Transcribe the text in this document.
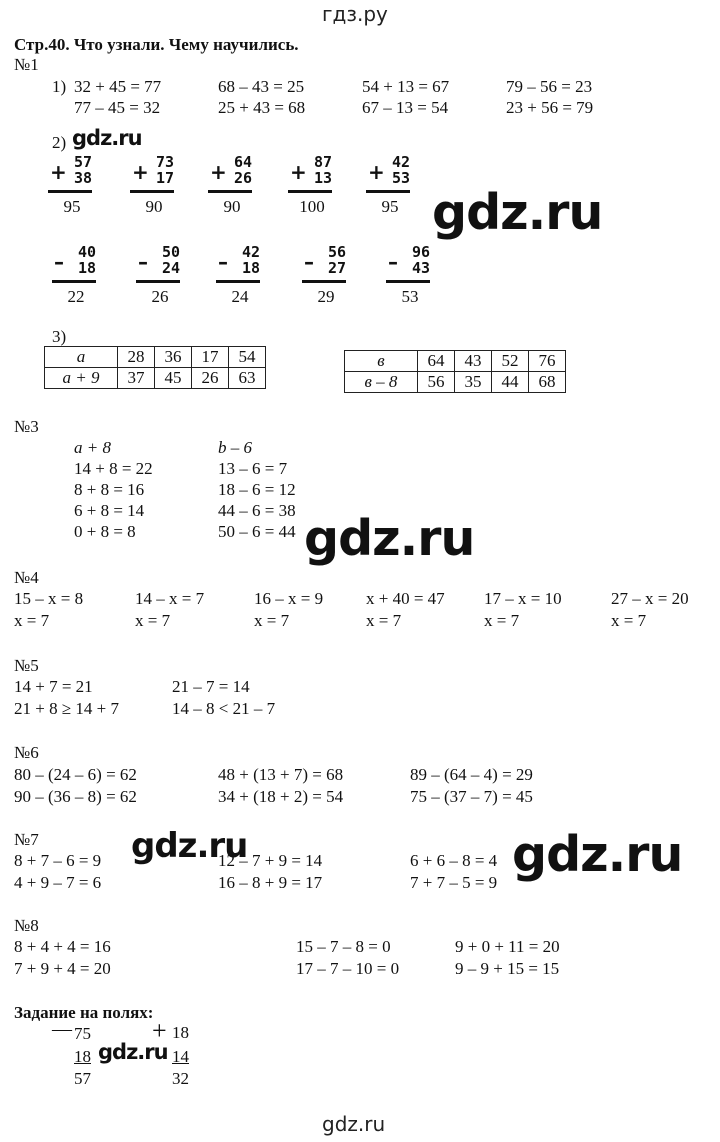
гдз.ру
Стр.40. Что узнали. Чему научились.
№1
1) 32 + 45 = 77	68 – 43 = 25	54 + 13 = 67	79 – 56 = 23
77 – 45 = 32	25 + 43 = 68	67 – 13 = 54	23 + 56 = 79
2) gdz.ru
+ 57
38
95
+ 73
17
90
+ 64
26
90
+ 87
13
100
+ 42
53
95
– 40
18
22
– 50
24
26
– 42
18
24
– 56
27
29
– 96
43
53
gdz.ru
3)
a	28	36	17	54
a + 9	37	45	26	63
в	64	43	52	76
в – 8	56	35	44	68
№3
a + 8	b – 6
14 + 8 = 22	13 – 6 = 7
8 + 8 = 16	18 – 6 = 12
6 + 8 = 14	44 – 6 = 38
0 + 8 = 8	50 – 6 = 44 gdz.ru
№4
15 – x = 8
x = 7
14 – x = 7
x = 7
16 – x = 9
x = 7
x + 40 = 47
x = 7
17 – x = 10
x = 7
27 – x = 20
x = 7
№5
14 + 7 = 21	21 – 7 = 14
21 + 8 ≥ 14 + 7	14 – 8 < 21 – 7
№6
80 – (24 – 6) = 62	48 + (13 + 7) = 68	89 – (64 – 4) = 29
90 – (36 – 8) = 62	34 + (18 + 2) = 54	75 – (37 – 7) = 45
№7
8 + 7 – 6 = 9	12 – 7 + 9 = 14	6 + 6 – 8 = 4
4 + 9 – 7 = 6	16 – 8 + 9 = 17	7 + 7 – 5 = 9
gdz.ru	gdz.ru
№8
8 + 4 + 4 = 16	15 – 7 – 8 = 0	9 + 0 + 11 = 20
7 + 9 + 4 = 20	17 – 7 – 10 = 0	9 – 9 + 15 = 15
Задание на полях:
— 75
18
57
gdz.ru
+ 18
14
32
gdz.ru
